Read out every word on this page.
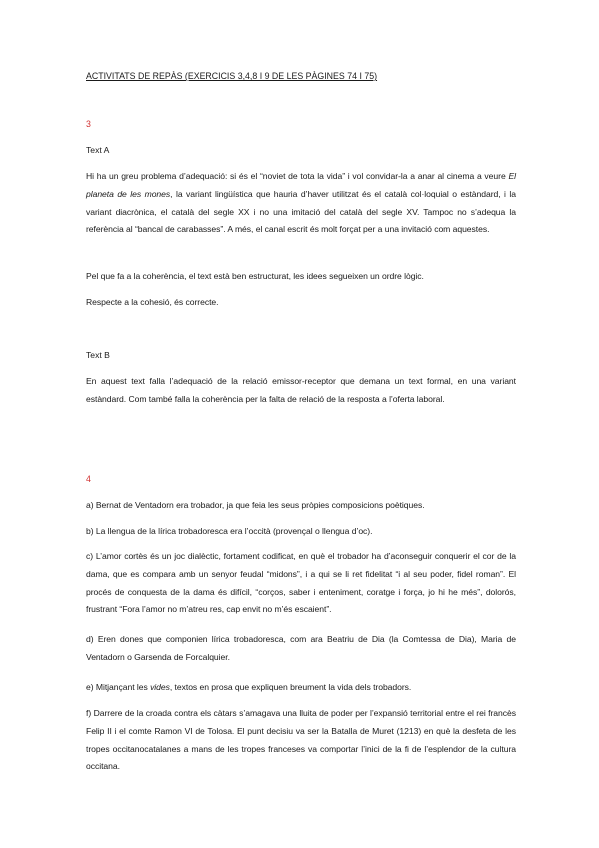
ACTIVITATS DE REPÀS (EXERCICIS 3,4,8 I 9 DE LES PÀGINES 74 I 75)
3
Text A
Hi ha un greu problema d’adequació: si és el “noviet de tota la vida” i vol convidar-la a anar al cinema a veure El planeta de les mones, la variant lingüística que hauria d’haver utilitzat és el català col·loquial o estàndard, i la variant diacrònica, el català del segle XX i no una imitació del català del segle XV. Tampoc no s’adequa la referència al “bancal de carabasses”. A més, el canal escrit és molt forçat per a una invitació com aquestes.
Pel que fa a la coherència, el text està ben estructurat, les idees segueixen un ordre lògic.
Respecte a la cohesió, és correcte.
Text B
En aquest text falla l’adequació de la relació emissor-receptor que demana un text formal, en una variant estàndard. Com també falla la coherència per la falta de relació de la resposta a l’oferta laboral.
4
a) Bernat de Ventadorn era trobador, ja que feia les seus pròpies composicions poètiques.
b) La llengua de la lírica trobadoresca era l’occità (provençal o llengua d’oc).
c) L’amor cortès és un joc dialèctic, fortament codificat, en què el trobador ha d’aconseguir conquerir el cor de la dama, que es compara amb un senyor feudal “midons”, i a qui se li ret fidelitat “i al seu poder, fidel roman”. El procés de conquesta de la dama és difícil, “corços, saber i enteniment, coratge i força, jo hi he més”, dolorós, frustrant “Fora l’amor no m’atreu res, cap envit no m’és escaient”.
d) Eren dones que componien lírica trobadoresca, com ara Beatriu de Dia (la Comtessa de Dia), Maria de Ventadorn o Garsenda de Forcalquier.
e) Mitjançant les vides, textos en prosa que expliquen breument la vida dels trobadors.
f) Darrere de la croada contra els càtars s’amagava una lluita de poder per l’expansió territorial entre el rei francès Felip II i el comte Ramon VI de Tolosa. El punt decisiu va ser la Batalla de Muret (1213) en què la desfeta de les tropes occitanocatalanes a mans de les tropes franceses va comportar l’inici de la fi de l’esplendor de la cultura occitana.
